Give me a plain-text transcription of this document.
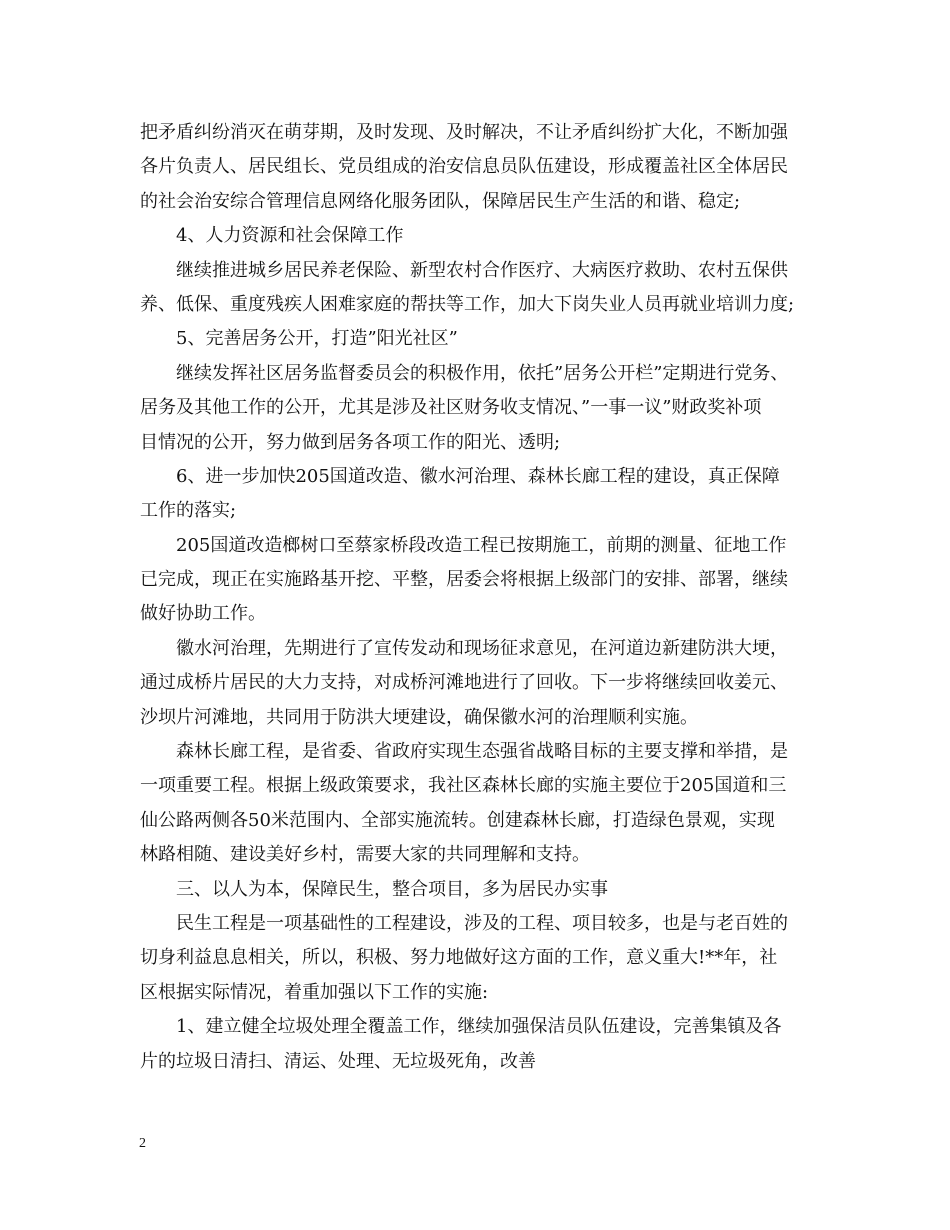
把矛盾纠纷消灭在萌芽期，及时发现、及时解决，不让矛盾纠纷扩大化，不断加强
各片负责人、居民组长、党员组成的治安信息员队伍建设，形成覆盖社区全体居民
的社会治安综合管理信息网络化服务团队，保障居民生产生活的和谐、稳定;
4、人力资源和社会保障工作
继续推进城乡居民养老保险、新型农村合作医疗、大病医疗救助、农村五保供
养、低保、重度残疾人困难家庭的帮扶等工作，加大下岗失业人员再就业培训力度;
5、完善居务公开，打造”阳光社区”
继续发挥社区居务监督委员会的积极作用，依托”居务公开栏”定期进行党务、
居务及其他工作的公开，尤其是涉及社区财务收支情况、”一事一议”财政奖补项
目情况的公开，努力做到居务各项工作的阳光、透明;
6、进一步加快205国道改造、徽水河治理、森林长廊工程的建设，真正保障
工作的落实;
205国道改造榔树口至蔡家桥段改造工程已按期施工，前期的测量、征地工作
已完成，现正在实施路基开挖、平整，居委会将根据上级部门的安排、部署，继续
做好协助工作。
徽水河治理，先期进行了宣传发动和现场征求意见，在河道边新建防洪大埂，
通过成桥片居民的大力支持，对成桥河滩地进行了回收。下一步将继续回收姜元、
沙坝片河滩地，共同用于防洪大埂建设，确保徽水河的治理顺利实施。
森林长廊工程，是省委、省政府实现生态强省战略目标的主要支撑和举措，是
一项重要工程。根据上级政策要求，我社区森林长廊的实施主要位于205国道和三
仙公路两侧各50米范围内、全部实施流转。创建森林长廊，打造绿色景观，实现
林路相随、建设美好乡村，需要大家的共同理解和支持。
三、以人为本，保障民生，整合项目，多为居民办实事
民生工程是一项基础性的工程建设，涉及的工程、项目较多，也是与老百姓的
切身利益息息相关，所以，积极、努力地做好这方面的工作，意义重大!**年，社
区根据实际情况，着重加强以下工作的实施:
1、建立健全垃圾处理全覆盖工作，继续加强保洁员队伍建设，完善集镇及各
片的垃圾日清扫、清运、处理、无垃圾死角，改善
2
